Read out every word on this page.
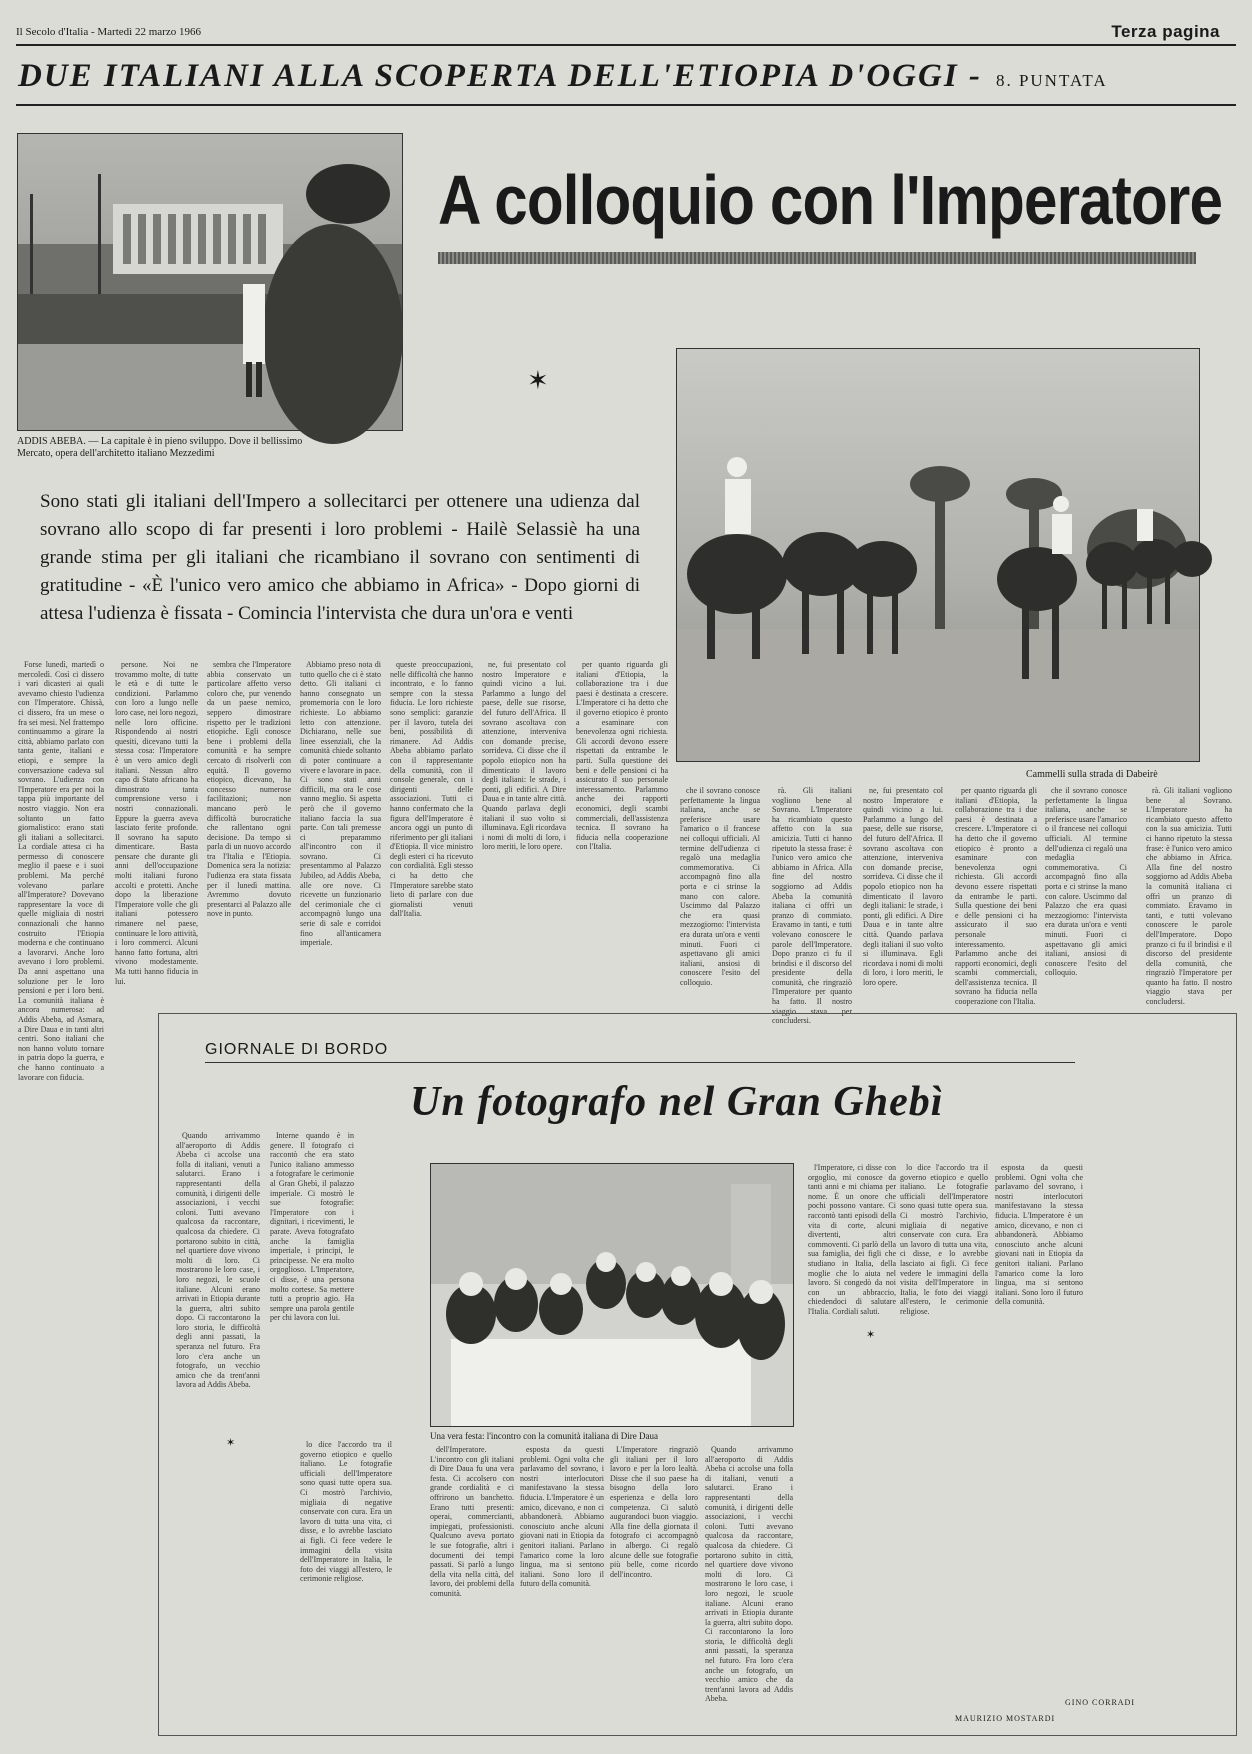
Il Secolo d'Italia - Martedì 22 marzo 1966	Terza pagina
DUE ITALIANI ALLA SCOPERTA DELL'ETIOPIA D'OGGI - 8. PUNTATA
ADDIS ABEBA. — La capitale è in pieno sviluppo. Dove il bellissimo Mercato, opera dell'architetto italiano Mezzedimi
A colloquio con l'Imperatore
✶
Cammelli sulla strada di Dabeirè
Sono stati gli italiani dell'Impero a sollecitarci per ottenere una udienza dal sovrano allo scopo di far presenti i loro problemi - Hailè Selassiè ha una grande stima per gli italiani che ricambiano il sovrano con sentimenti di gratitudine - «È l'unico vero amico che abbiamo in Africa» - Dopo giorni di attesa l'udienza è fissata - Comincia l'intervista che dura un'ora e venti

Forse lunedì, martedì o mercoledì. Così ci dissero i vari dicasteri ai quali avevamo chiesto l'udienza con l'Imperatore. Chissà, ci dissero, fra un mese o fra sei mesi. Nel frattempo continuammo a girare la città, abbiamo parlato con tanta gente, italiani e etiopi, e sempre la conversazione cadeva sul sovrano. L'udienza con l'Imperatore era per noi la tappa più importante del nostro viaggio. Non era soltanto un fatto giornalistico: erano stati gli italiani a sollecitarci. La cordiale attesa ci ha permesso di conoscere meglio il paese e i suoi problemi. Ma perché volevano parlare all'Imperatore? Dovevano rappresentare la voce di quelle migliaia di nostri connazionali che hanno costruito l'Etiopia moderna e che continuano a lavorarvi. Anche loro avevano i loro problemi. Da anni aspettano una soluzione per le loro pensioni e per i loro beni. La comunità italiana è ancora numerosa: ad Addis Abeba, ad Asmara, a Dire Daua e in tanti altri centri. Sono italiani che non hanno voluto tornare in patria dopo la guerra, e che hanno continuato a lavorare con fiducia.

persone. Noi ne trovammo molte, di tutte le età e di tutte le condizioni. Parlammo con loro a lungo nelle loro case, nei loro negozi, nelle loro officine. Rispondendo ai nostri quesiti, dicevano tutti la stessa cosa: l'Imperatore è un vero amico degli italiani. Nessun altro capo di Stato africano ha dimostrato tanta comprensione verso i nostri connazionali. Eppure la guerra aveva lasciato ferite profonde. Il sovrano ha saputo dimenticare. Basta pensare che durante gli anni dell'occupazione molti italiani furono accolti e protetti. Anche dopo la liberazione l'Imperatore volle che gli italiani potessero rimanere nel paese, continuare le loro attività, i loro commerci. Alcuni hanno fatto fortuna, altri vivono modestamente. Ma tutti hanno fiducia in lui.

sembra che l'Imperatore abbia conservato un particolare affetto verso coloro che, pur venendo da un paese nemico, seppero dimostrare rispetto per le tradizioni etiopiche. Egli conosce bene i problemi della comunità e ha sempre cercato di risolverli con equità. Il governo etiopico, dicevano, ha concesso numerose facilitazioni; non mancano però le difficoltà burocratiche che rallentano ogni decisione. Da tempo si parla di un nuovo accordo tra l'Italia e l'Etiopia. Domenica sera la notizia: l'udienza era stata fissata per il lunedì mattina. Avremmo dovuto presentarci al Palazzo alle nove in punto.

Abbiamo preso nota di tutto quello che ci è stato detto. Gli italiani ci hanno consegnato un promemoria con le loro richieste. Lo abbiamo letto con attenzione. Dichiarano, nelle sue linee essenziali, che la comunità chiede soltanto di poter continuare a vivere e lavorare in pace. Ci sono stati anni difficili, ma ora le cose vanno meglio. Si aspetta però che il governo italiano faccia la sua parte. Con tali premesse ci preparammo all'incontro con il sovrano. Ci presentammo al Palazzo Jubileo, ad Addis Abeba, alle ore nove. Ci ricevette un funzionario del cerimoniale che ci accompagnò lungo una serie di sale e corridoi fino all'anticamera imperiale.

queste preoccupazioni, nelle difficoltà che hanno incontrato, e lo fanno sempre con la stessa fiducia. Le loro richieste sono semplici: garanzie per il lavoro, tutela dei beni, possibilità di rimanere. Ad Addis Abeba abbiamo parlato con il rappresentante della comunità, con il console generale, con i dirigenti delle associazioni. Tutti ci hanno confermato che la figura dell'Imperatore è ancora oggi un punto di riferimento per gli italiani d'Etiopia. Il vice ministro degli esteri ci ha ricevuto con cordialità. Egli stesso ci ha detto che l'Imperatore sarebbe stato lieto di parlare con due giornalisti venuti dall'Italia.

ne, fui presentato col nostro Imperatore e quindi vicino a lui. Parlammo a lungo del paese, delle sue risorse, del futuro dell'Africa. Il sovrano ascoltava con attenzione, interveniva con domande precise, sorrideva. Ci disse che il popolo etiopico non ha dimenticato il lavoro degli italiani: le strade, i ponti, gli edifici. A Dire Daua e in tante altre città. Quando parlava degli italiani il suo volto si illuminava. Egli ricordava i nomi di molti di loro, i loro meriti, le loro opere.

per quanto riguarda gli italiani d'Etiopia, la collaborazione tra i due paesi è destinata a crescere. L'Imperatore ci ha detto che il governo etiopico è pronto a esaminare con benevolenza ogni richiesta. Gli accordi devono essere rispettati da entrambe le parti. Sulla questione dei beni e delle pensioni ci ha assicurato il suo personale interessamento. Parlammo anche dei rapporti economici, degli scambi commerciali, dell'assistenza tecnica. Il sovrano ha fiducia nella cooperazione con l'Italia.

che il sovrano conosce perfettamente la lingua italiana, anche se preferisce usare l'amarico o il francese nei colloqui ufficiali. Al termine dell'udienza ci regalò una medaglia commemorativa. Ci accompagnò fino alla porta e ci strinse la mano con calore. Uscimmo dal Palazzo che era quasi mezzogiorno: l'intervista era durata un'ora e venti minuti. Fuori ci aspettavano gli amici italiani, ansiosi di conoscere l'esito del colloquio.

rà. Gli italiani vogliono bene al Sovrano. L'Imperatore ha ricambiato questo affetto con la sua amicizia. Tutti ci hanno ripetuto la stessa frase: è l'unico vero amico che abbiamo in Africa. Alla fine del nostro soggiorno ad Addis Abeba la comunità italiana ci offrì un pranzo di commiato. Eravamo in tanti, e tutti volevano conoscere le parole dell'Imperatore. Dopo pranzo ci fu il brindisi e il discorso del presidente della comunità, che ringraziò l'Imperatore per quanto ha fatto. Il nostro viaggio stava per concludersi.

ne, fui presentato col nostro Imperatore e quindi vicino a lui. Parlammo a lungo del paese, delle sue risorse, del futuro dell'Africa. Il sovrano ascoltava con attenzione, interveniva con domande precise, sorrideva. Ci disse che il popolo etiopico non ha dimenticato il lavoro degli italiani: le strade, i ponti, gli edifici. A Dire Daua e in tante altre città. Quando parlava degli italiani il suo volto si illuminava. Egli ricordava i nomi di molti di loro, i loro meriti, le loro opere.

per quanto riguarda gli italiani d'Etiopia, la collaborazione tra i due paesi è destinata a crescere. L'Imperatore ci ha detto che il governo etiopico è pronto a esaminare con benevolenza ogni richiesta. Gli accordi devono essere rispettati da entrambe le parti. Sulla questione dei beni e delle pensioni ci ha assicurato il suo personale interessamento. Parlammo anche dei rapporti economici, degli scambi commerciali, dell'assistenza tecnica. Il sovrano ha fiducia nella cooperazione con l'Italia.

che il sovrano conosce perfettamente la lingua italiana, anche se preferisce usare l'amarico o il francese nei colloqui ufficiali. Al termine dell'udienza ci regalò una medaglia commemorativa. Ci accompagnò fino alla porta e ci strinse la mano con calore. Uscimmo dal Palazzo che era quasi mezzogiorno: l'intervista era durata un'ora e venti minuti. Fuori ci aspettavano gli amici italiani, ansiosi di conoscere l'esito del colloquio.

rà. Gli italiani vogliono bene al Sovrano. L'Imperatore ha ricambiato questo affetto con la sua amicizia. Tutti ci hanno ripetuto la stessa frase: è l'unico vero amico che abbiamo in Africa. Alla fine del nostro soggiorno ad Addis Abeba la comunità italiana ci offrì un pranzo di commiato. Eravamo in tanti, e tutti volevano conoscere le parole dell'Imperatore. Dopo pranzo ci fu il brindisi e il discorso del presidente della comunità, che ringraziò l'Imperatore per quanto ha fatto. Il nostro viaggio stava per concludersi.

GIORNALE DI BORDO
Un fotografo nel Gran Ghebì
Una vera festa: l'incontro con la comunità italiana di Dire Daua

Quando arrivammo all'aeroporto di Addis Abeba ci accolse una folla di italiani, venuti a salutarci. Erano i rappresentanti della comunità, i dirigenti delle associazioni, i vecchi coloni. Tutti avevano qualcosa da raccontare, qualcosa da chiedere. Ci portarono subito in città, nel quartiere dove vivono molti di loro. Ci mostrarono le loro case, i loro negozi, le scuole italiane. Alcuni erano arrivati in Etiopia durante la guerra, altri subito dopo. Ci raccontarono la loro storia, le difficoltà degli anni passati, la speranza nel futuro. Fra loro c'era anche un fotografo, un vecchio amico che da trent'anni lavora ad Addis Abeba.

Interne quando è in genere. Il fotografo ci raccontò che era stato l'unico italiano ammesso a fotografare le cerimonie al Gran Ghebì, il palazzo imperiale. Ci mostrò le sue fotografie: l'Imperatore con i dignitari, i ricevimenti, le parate. Aveva fotografato anche la famiglia imperiale, i principi, le principesse. Ne era molto orgoglioso. L'Imperatore, ci disse, è una persona molto cortese. Sa mettere tutti a proprio agio. Ha sempre una parola gentile per chi lavora con lui.

✶	lo dice l'accordo tra il governo etiopico e quello italiano. Le fotografie ufficiali dell'Imperatore sono quasi tutte opera sua. Ci mostrò l'archivio, migliaia di negative conservate con cura. Era un lavoro di tutta una vita, ci disse, e lo avrebbe lasciato ai figli. Ci fece vedere le immagini della visita dell'Imperatore in Italia, le foto dei viaggi all'estero, le cerimonie religiose.

dell'Imperatore. L'incontro con gli italiani di Dire Daua fu una vera festa. Ci accolsero con grande cordialità e ci offrirono un banchetto. Erano tutti presenti: operai, commercianti, impiegati, professionisti. Qualcuno aveva portato le sue fotografie, altri i documenti dei tempi passati. Si parlò a lungo della vita nella città, del lavoro, dei problemi della comunità.

esposta da questi problemi. Ogni volta che parlavamo del sovrano, i nostri interlocutori manifestavano la stessa fiducia. L'Imperatore è un amico, dicevano, e non ci abbandonerà. Abbiamo conosciuto anche alcuni giovani nati in Etiopia da genitori italiani. Parlano l'amarico come la loro lingua, ma si sentono italiani. Sono loro il futuro della comunità.

L'Imperatore ringraziò gli italiani per il loro lavoro e per la loro lealtà. Disse che il suo paese ha bisogno della loro esperienza e della loro competenza. Ci salutò augurandoci buon viaggio. Alla fine della giornata il fotografo ci accompagnò in albergo. Ci regalò alcune delle sue fotografie più belle, come ricordo dell'incontro.

Quando arrivammo all'aeroporto di Addis Abeba ci accolse una folla di italiani, venuti a salutarci. Erano i rappresentanti della comunità, i dirigenti delle associazioni, i vecchi coloni. Tutti avevano qualcosa da raccontare, qualcosa da chiedere. Ci portarono subito in città, nel quartiere dove vivono molti di loro. Ci mostrarono le loro case, i loro negozi, le scuole italiane. Alcuni erano arrivati in Etiopia durante la guerra, altri subito dopo. Ci raccontarono la loro storia, le difficoltà degli anni passati, la speranza nel futuro. Fra loro c'era anche un fotografo, un vecchio amico che da trent'anni lavora ad Addis Abeba.

l'Imperatore, ci disse con orgoglio, mi conosce da tanti anni e mi chiama per nome. È un onore che pochi possono vantare. Ci raccontò tanti episodi della vita di corte, alcuni divertenti, altri commoventi. Ci parlò della sua famiglia, dei figli che studiano in Italia, della moglie che lo aiuta nel lavoro. Si congedò da noi con un abbraccio, chiedendoci di salutare l'Italia. Cordiali saluti.

✶

lo dice l'accordo tra il governo etiopico e quello italiano. Le fotografie ufficiali dell'Imperatore sono quasi tutte opera sua. Ci mostrò l'archivio, migliaia di negative conservate con cura. Era un lavoro di tutta una vita, ci disse, e lo avrebbe lasciato ai figli. Ci fece vedere le immagini della visita dell'Imperatore in Italia, le foto dei viaggi all'estero, le cerimonie religiose.

esposta da questi problemi. Ogni volta che parlavamo del sovrano, i nostri interlocutori manifestavano la stessa fiducia. L'Imperatore è un amico, dicevano, e non ci abbandonerà. Abbiamo conosciuto anche alcuni giovani nati in Etiopia da genitori italiani. Parlano l'amarico come la loro lingua, ma si sentono italiani. Sono loro il futuro della comunità.

MAURIZIO MOSTARDI
GINO CORRADI
